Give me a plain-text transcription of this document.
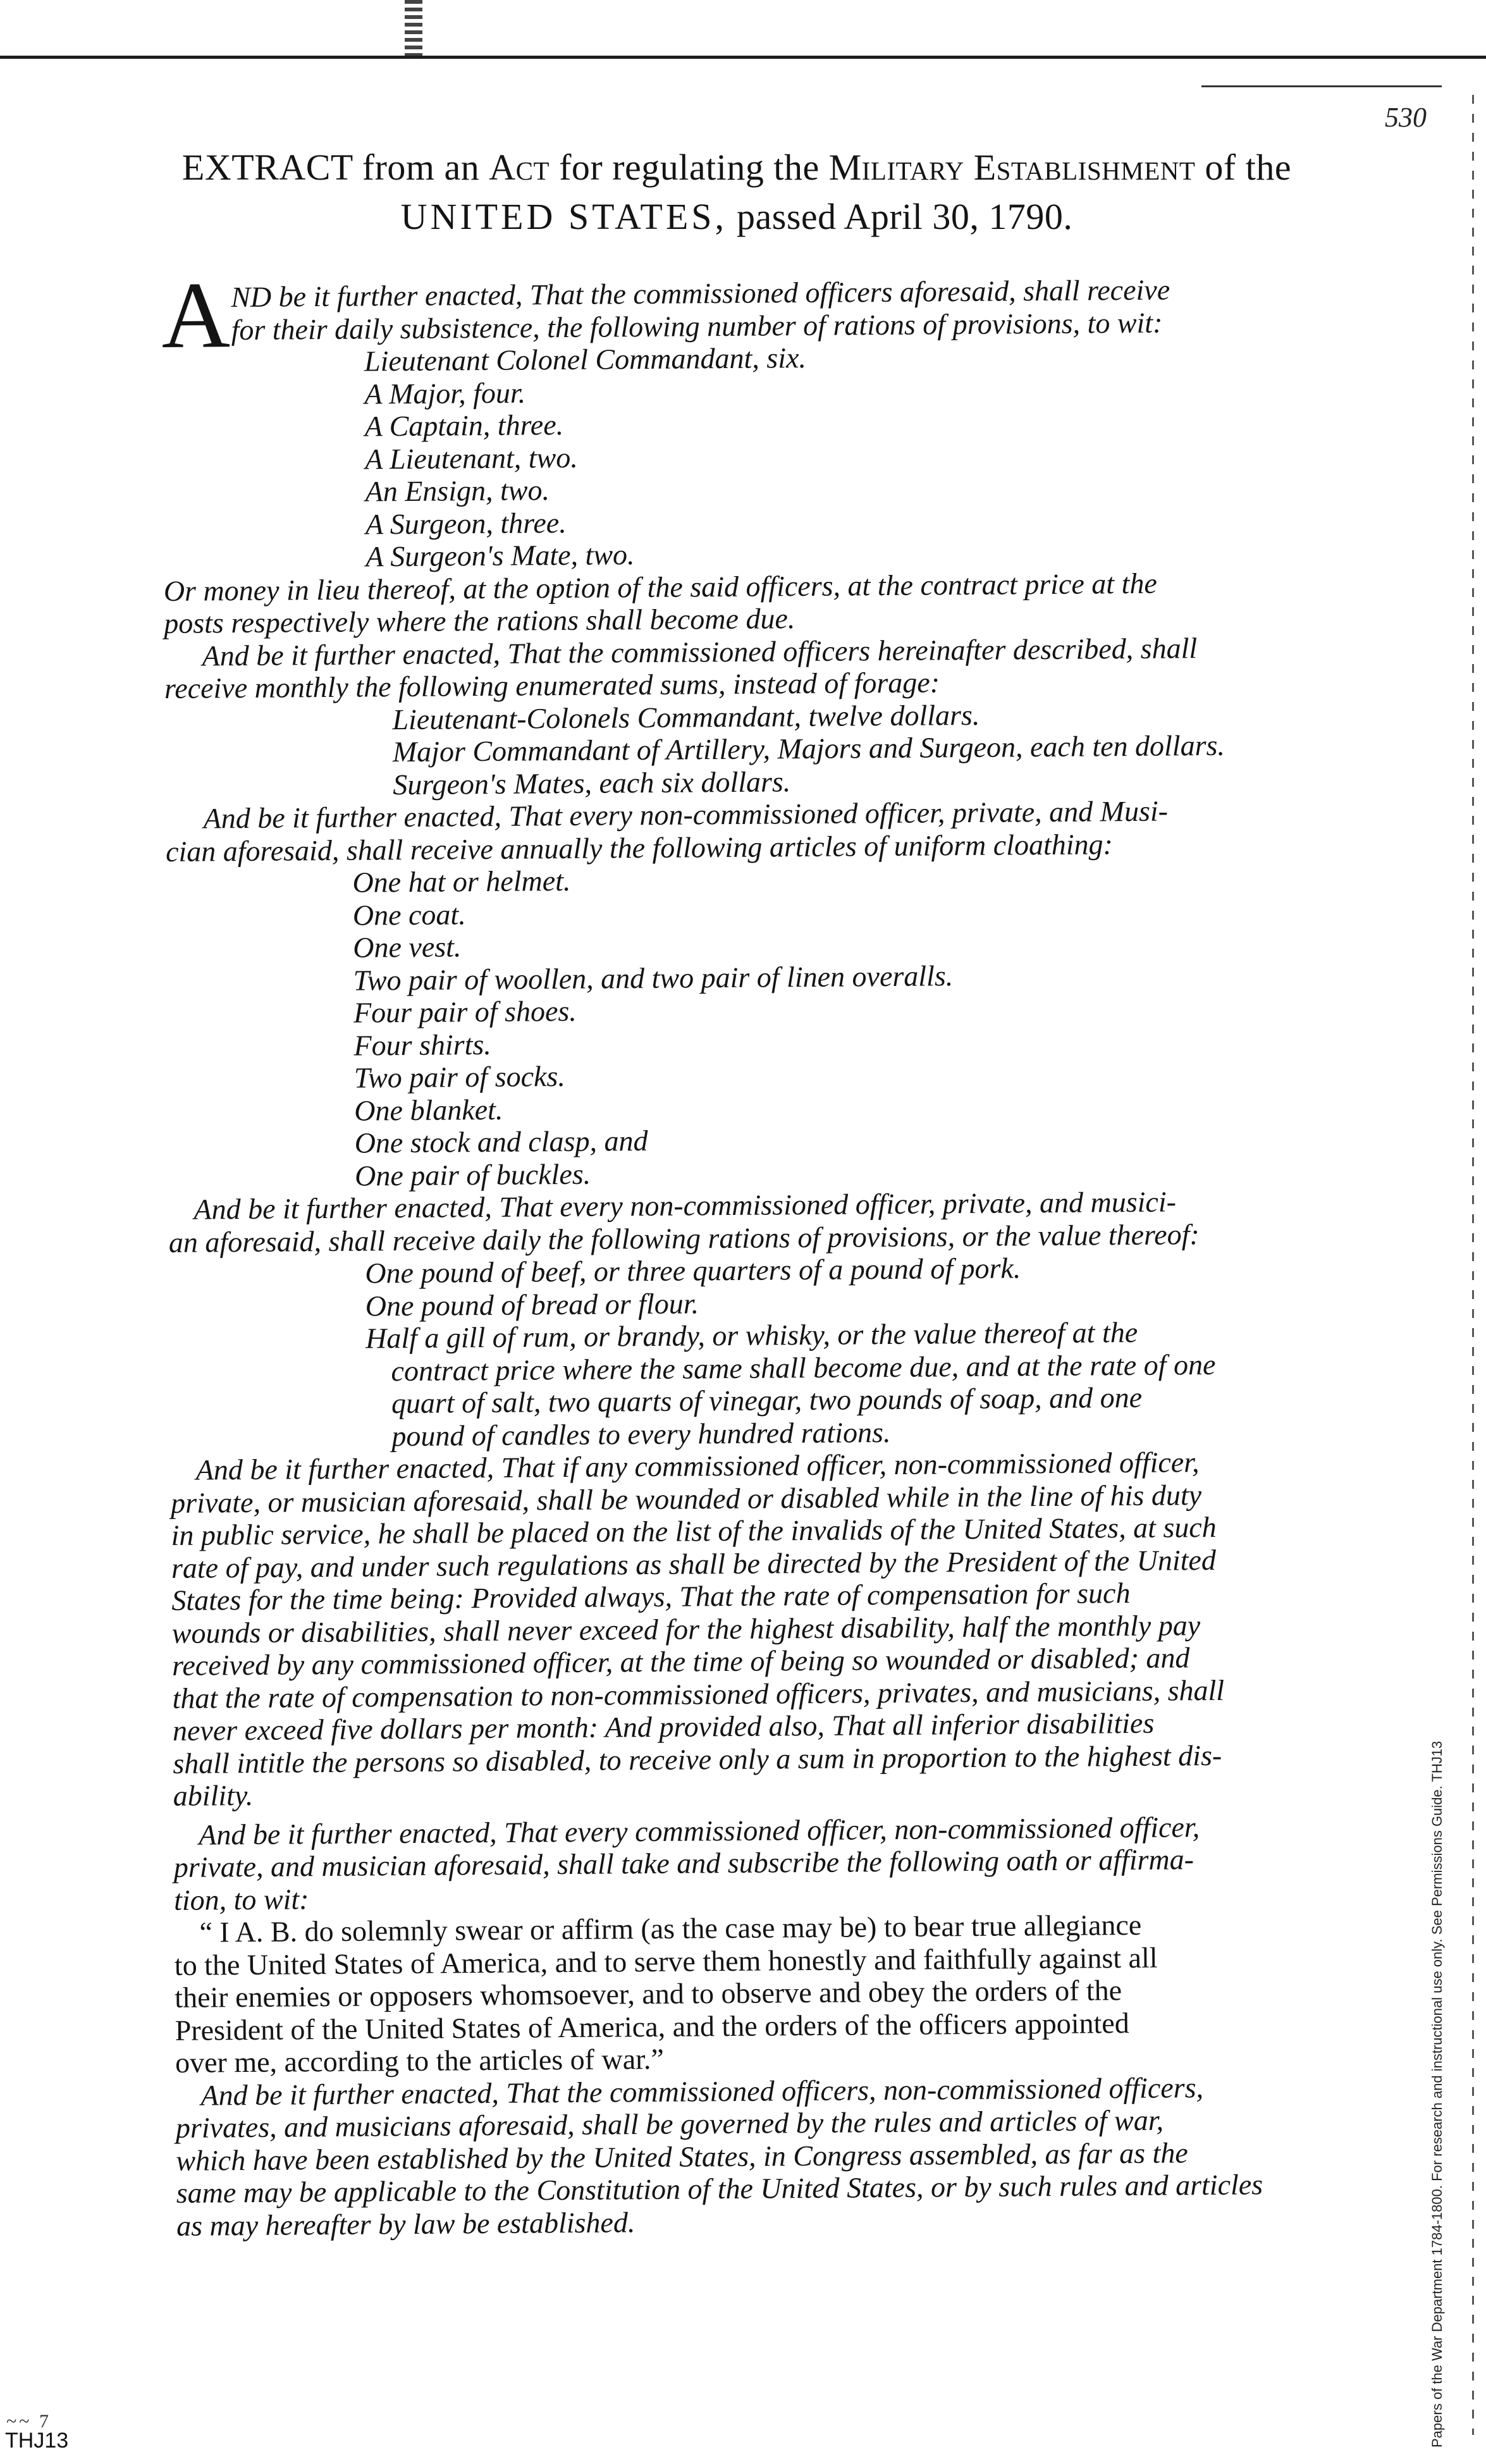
530
EXTRACT from an Act for regulating the Military Establishment of the
UNITED STATES, passed April 30, 1790.
A ND be it further enacted, That the commissioned officers aforesaid, shall receive
for their daily subsistence, the following number of rations of provisions, to wit:
Lieutenant Colonel Commandant, six.
A Major, four.
A Captain, three.
A Lieutenant, two.
An Ensign, two.
A Surgeon, three.
A Surgeon's Mate, two.
Or money in lieu thereof, at the option of the said officers, at the contract price at the
posts respectively where the rations shall become due.
And be it further enacted, That the commissioned officers hereinafter described, shall
receive monthly the following enumerated sums, instead of forage:
Lieutenant-Colonels Commandant, twelve dollars.
Major Commandant of Artillery, Majors and Surgeon, each ten dollars.
Surgeon's Mates, each six dollars.
And be it further enacted, That every non-commissioned officer, private, and Musi-
cian aforesaid, shall receive annually the following articles of uniform cloathing:
One hat or helmet.
One coat.
One vest.
Two pair of woollen, and two pair of linen overalls.
Four pair of shoes.
Four shirts.
Two pair of socks.
One blanket.
One stock and clasp, and
One pair of buckles.
And be it further enacted, That every non-commissioned officer, private, and musici-
an aforesaid, shall receive daily the following rations of provisions, or the value thereof:
One pound of beef, or three quarters of a pound of pork.
One pound of bread or flour.
Half a gill of rum, or brandy, or whisky, or the value thereof at the
contract price where the same shall become due, and at the rate of one
quart of salt, two quarts of vinegar, two pounds of soap, and one
pound of candles to every hundred rations.
And be it further enacted, That if any commissioned officer, non-commissioned officer,
private, or musician aforesaid, shall be wounded or disabled while in the line of his duty
in public service, he shall be placed on the list of the invalids of the United States, at such
rate of pay, and under such regulations as shall be directed by the President of the United
States for the time being: Provided always, That the rate of compensation for such
wounds or disabilities, shall never exceed for the highest disability, half the monthly pay
received by any commissioned officer, at the time of being so wounded or disabled; and
that the rate of compensation to non-commissioned officers, privates, and musicians, shall
never exceed five dollars per month: And provided also, That all inferior disabilities
shall intitle the persons so disabled, to receive only a sum in proportion to the highest dis-
ability.
And be it further enacted, That every commissioned officer, non-commissioned officer,
private, and musician aforesaid, shall take and subscribe the following oath or affirma-
tion, to wit:
“ I A. B. do solemnly swear or affirm (as the case may be) to bear true allegiance
to the United States of America, and to serve them honestly and faithfully against all
their enemies or opposers whomsoever, and to observe and obey the orders of the
President of the United States of America, and the orders of the officers appointed
over me, according to the articles of war.”
And be it further enacted, That the commissioned officers, non-commissioned officers,
privates, and musicians aforesaid, shall be governed by the rules and articles of war,
which have been established by the United States, in Congress assembled, as far as the
same may be applicable to the Constitution of the United States, or by such rules and articles
as may hereafter by law be established.	Papers of the War Department 1784-1800. For research and instructional use only. See Permissions Guide. THJ13
~~ 7
THJ13
